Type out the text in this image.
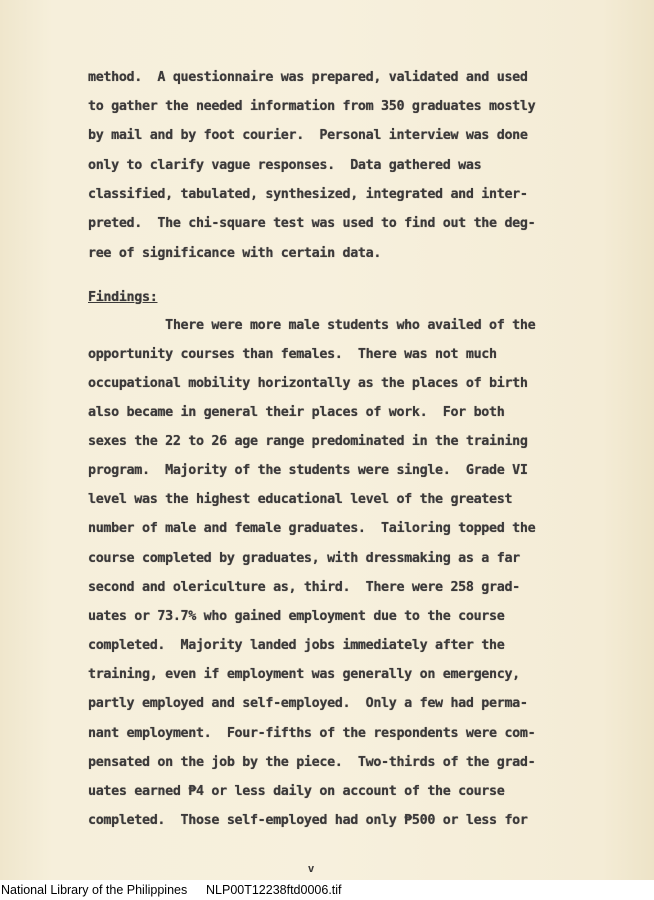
method.  A questionnaire was prepared, validated and used
to gather the needed information from 350 graduates mostly
by mail and by foot courier.  Personal interview was done
only to clarify vague responses.  Data gathered was
classified, tabulated, synthesized, integrated and inter-
preted.  The chi-square test was used to find out the deg-
ree of significance with certain data.
Findings:
There were more male students who availed of the
opportunity courses than females.  There was not much
occupational mobility horizontally as the places of birth
also became in general their places of work.  For both
sexes the 22 to 26 age range predominated in the training
program.  Majority of the students were single.  Grade VI
level was the highest educational level of the greatest
number of male and female graduates.  Tailoring topped the
course completed by graduates, with dressmaking as a far
second and olericulture as, third.  There were 258 grad-
uates or 73.7% who gained employment due to the course
completed.  Majority landed jobs immediately after the
training, even if employment was generally on emergency,
partly employed and self-employed.  Only a few had perma-
nant employment.  Four-fifths of the respondents were com-
pensated on the job by the piece.  Two-thirds of the grad-
uates earned ₱4 or less daily on account of the course
completed.  Those self-employed had only ₱500 or less for
v
National Library of the Philippines NLP00T12238ftd0006.tif
